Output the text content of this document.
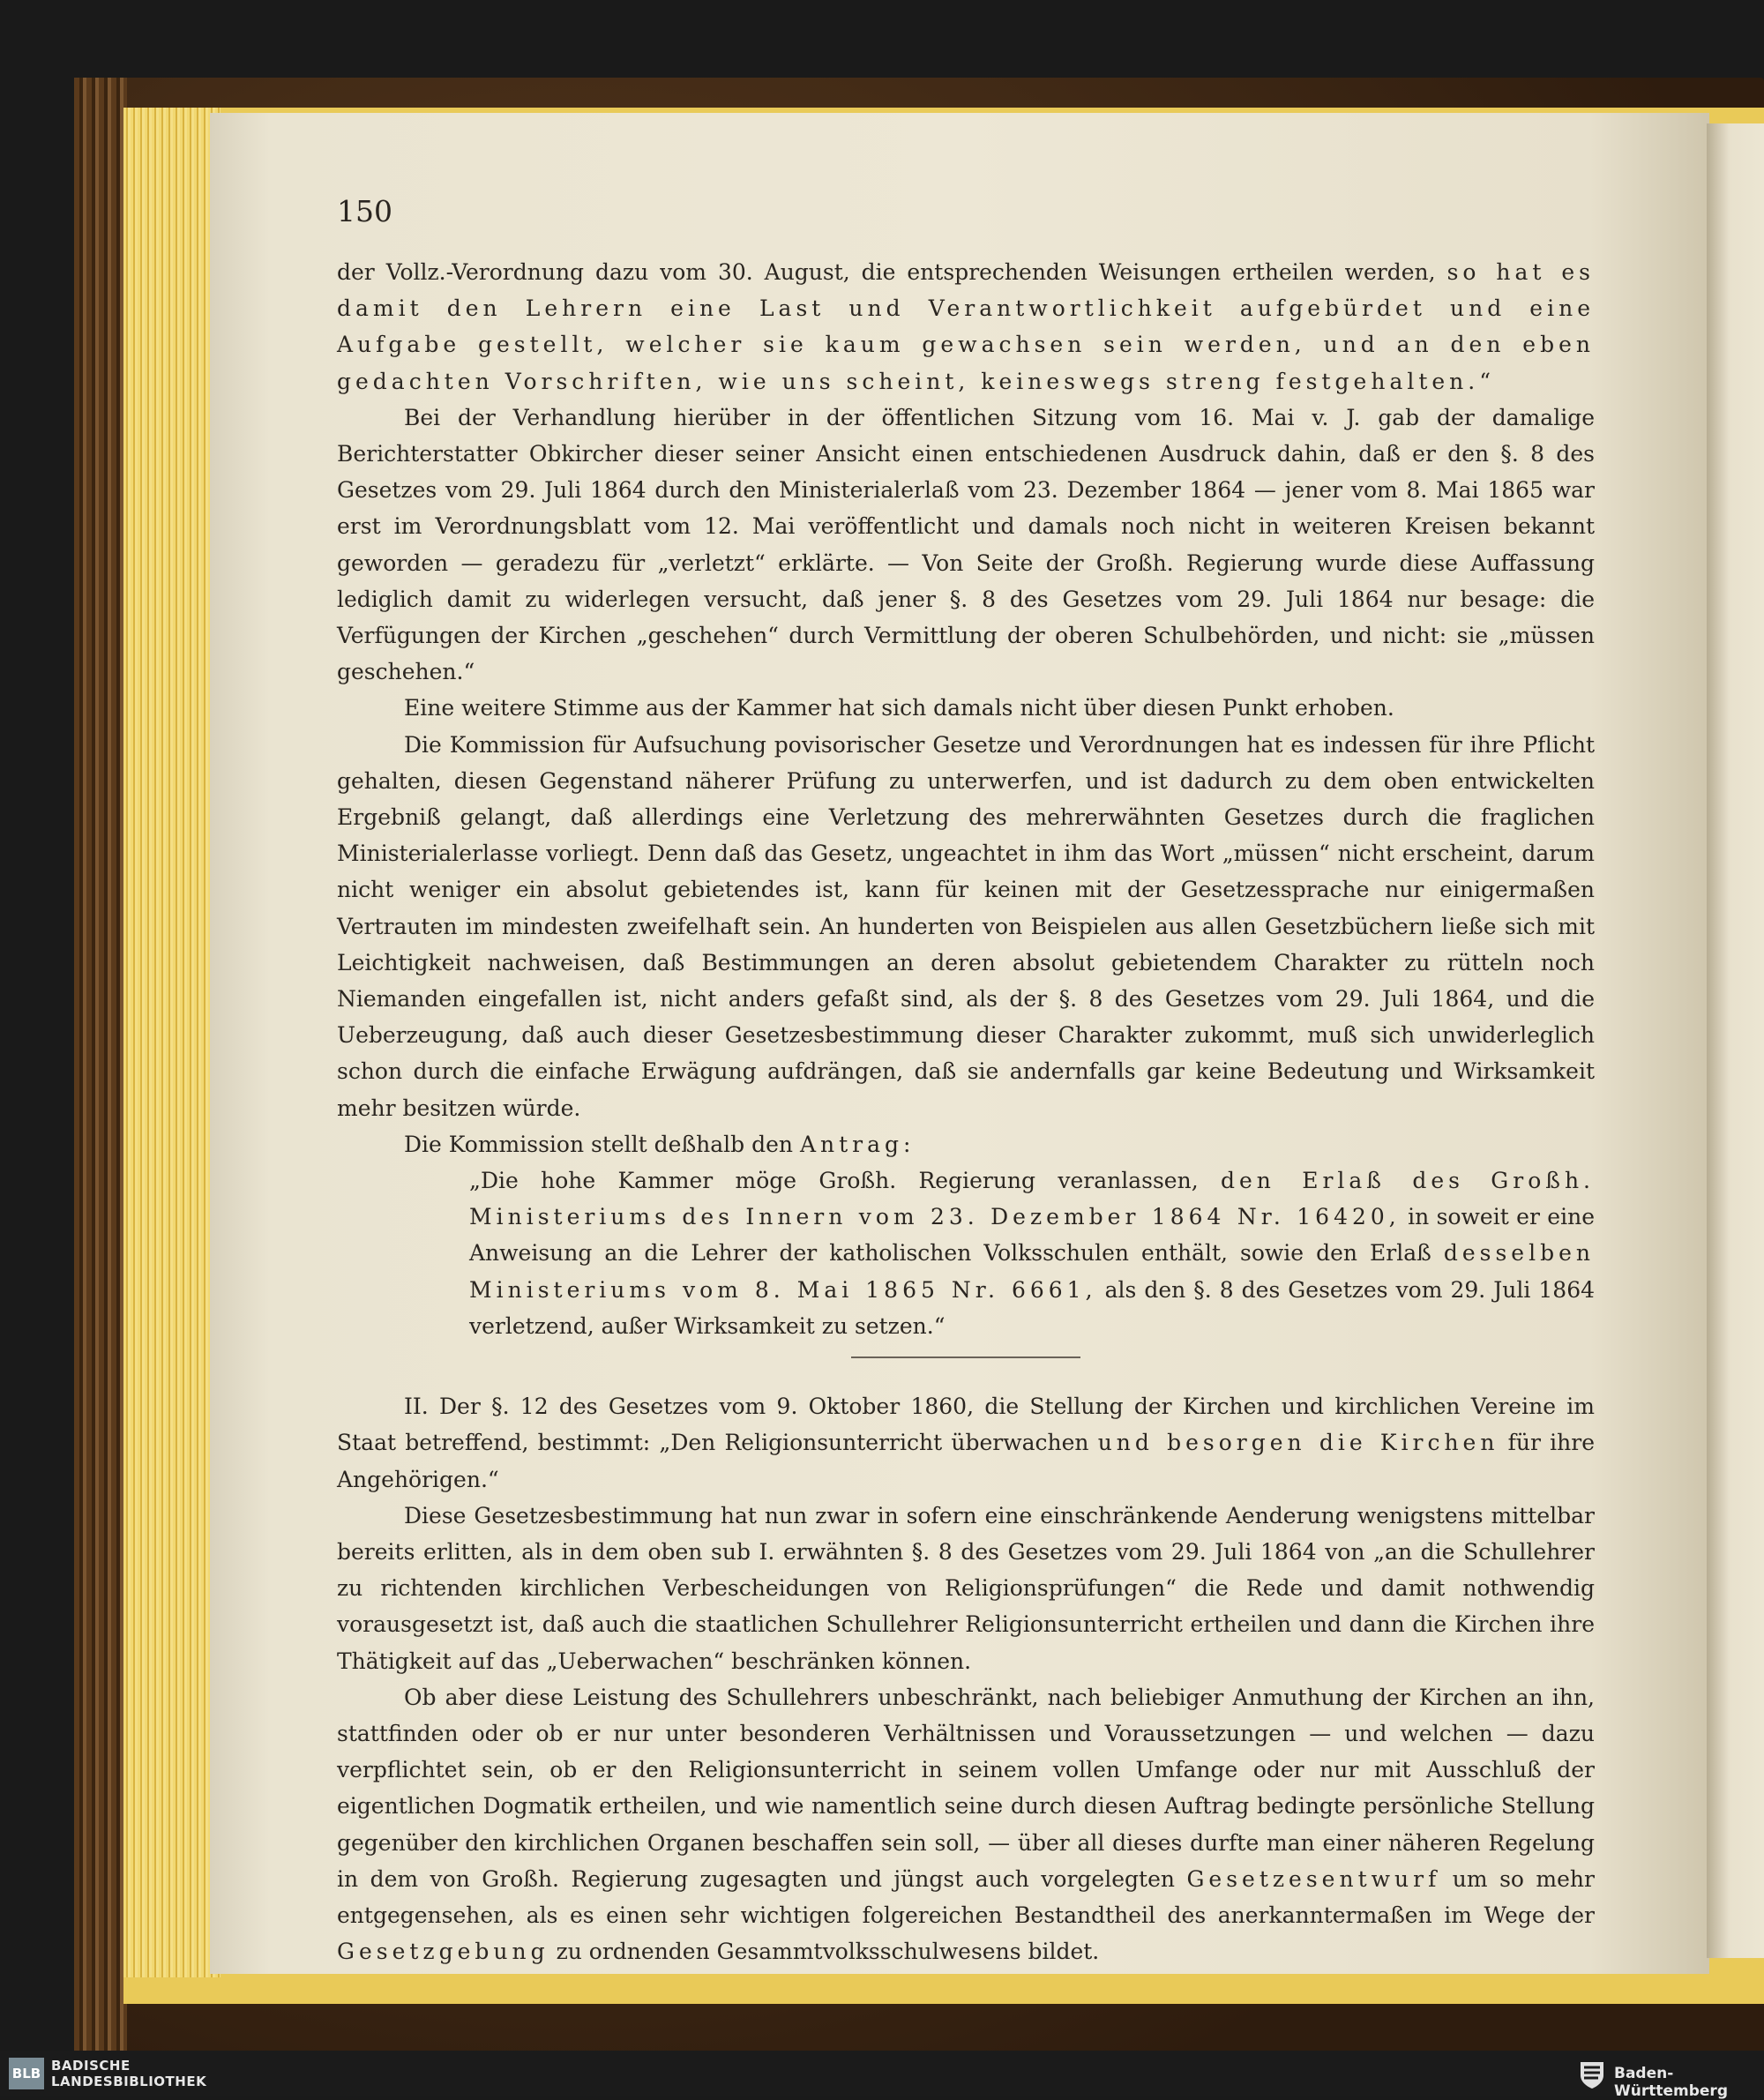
150

der Vollz.-Verordnung dazu vom 30. August, die entsprechenden Weisungen ertheilen werden, so hat es damit den Lehrern eine Last und Verantwortlichkeit aufgebürdet und eine Aufgabe gestellt, welcher sie kaum gewachsen sein werden, und an den eben gedachten Vorschriften, wie uns scheint, keineswegs streng festgehalten.“

Bei der Verhandlung hierüber in der öffentlichen Sitzung vom 16. Mai v. J. gab der damalige Berichterstatter Obkircher dieser seiner Ansicht einen entschiedenen Ausdruck dahin, daß er den §. 8 des Gesetzes vom 29. Juli 1864 durch den Ministerialerlaß vom 23. Dezember 1864 — jener vom 8. Mai 1865 war erst im Verordnungsblatt vom 12. Mai veröffentlicht und damals noch nicht in weiteren Kreisen bekannt geworden — geradezu für „verletzt“ erklärte. — Von Seite der Großh. Regierung wurde diese Auffassung lediglich damit zu widerlegen versucht, daß jener §. 8 des Gesetzes vom 29. Juli 1864 nur besage: die Verfügungen der Kirchen „geschehen“ durch Vermittlung der oberen Schulbehörden, und nicht: sie „müssen geschehen.“

Eine weitere Stimme aus der Kammer hat sich damals nicht über diesen Punkt erhoben.

Die Kommission für Aufsuchung povisorischer Gesetze und Verordnungen hat es indessen für ihre Pflicht gehalten, diesen Gegenstand näherer Prüfung zu unterwerfen, und ist dadurch zu dem oben entwickelten Ergebniß gelangt, daß allerdings eine Verletzung des mehrerwähnten Gesetzes durch die fraglichen Ministerialerlasse vorliegt. Denn daß das Gesetz, ungeachtet in ihm das Wort „müssen“ nicht erscheint, darum nicht weniger ein absolut gebietendes ist, kann für keinen mit der Gesetzessprache nur einigermaßen Vertrauten im mindesten zweifelhaft sein. An hunderten von Beispielen aus allen Gesetzbüchern ließe sich mit Leichtigkeit nachweisen, daß Bestimmungen an deren absolut gebietendem Charakter zu rütteln noch Niemanden eingefallen ist, nicht anders gefaßt sind, als der §. 8 des Gesetzes vom 29. Juli 1864, und die Ueberzeugung, daß auch dieser Gesetzesbestimmung dieser Charakter zukommt, muß sich unwiderleglich schon durch die einfache Erwägung aufdrängen, daß sie andernfalls gar keine Bedeutung und Wirksamkeit mehr besitzen würde.

Die Kommission stellt deßhalb den Antrag:

„Die hohe Kammer möge Großh. Regierung veranlassen, den Erlaß des Großh. Ministeriums des Innern vom 23. Dezember 1864 Nr. 16420, in soweit er eine Anweisung an die Lehrer der katholischen Volksschulen enthält, sowie den Erlaß desselben Ministeriums vom 8. Mai 1865 Nr. 6661, als den §. 8 des Gesetzes vom 29. Juli 1864 verletzend, außer Wirksamkeit zu setzen.“

II. Der §. 12 des Gesetzes vom 9. Oktober 1860, die Stellung der Kirchen und kirchlichen Vereine im Staat betreffend, bestimmt: „Den Religionsunterricht überwachen und besorgen die Kirchen für ihre Angehörigen.“

Diese Gesetzesbestimmung hat nun zwar in sofern eine einschränkende Aenderung wenigstens mittelbar bereits erlitten, als in dem oben sub I. erwähnten §. 8 des Gesetzes vom 29. Juli 1864 von „an die Schullehrer zu richtenden kirchlichen Verbescheidungen von Religionsprüfungen“ die Rede und damit nothwendig vorausgesetzt ist, daß auch die staatlichen Schullehrer Religionsunterricht ertheilen und dann die Kirchen ihre Thätigkeit auf das „Ueberwachen“ beschränken können.

Ob aber diese Leistung des Schullehrers unbeschränkt, nach beliebiger Anmuthung der Kirchen an ihn, stattfinden oder ob er nur unter besonderen Verhältnissen und Voraussetzungen — und welchen — dazu verpflichtet sein, ob er den Religionsunterricht in seinem vollen Umfange oder nur mit Ausschluß der eigentlichen Dogmatik ertheilen, und wie namentlich seine durch diesen Auftrag bedingte persönliche Stellung gegenüber den kirchlichen Organen beschaffen sein soll, — über all dieses durfte man einer näheren Regelung in dem von Großh. Regierung zugesagten und jüngst auch vorgelegten Gesetzesentwurf um so mehr entgegensehen, als es einen sehr wichtigen folgereichen Bestandtheil des anerkanntermaßen im Wege der Gesetzgebung zu ordnenden Gesammtvolksschulwesens bildet.

BLB BADISCHE
LANDESBIBLIOTHEK	Baden-Württemberg
